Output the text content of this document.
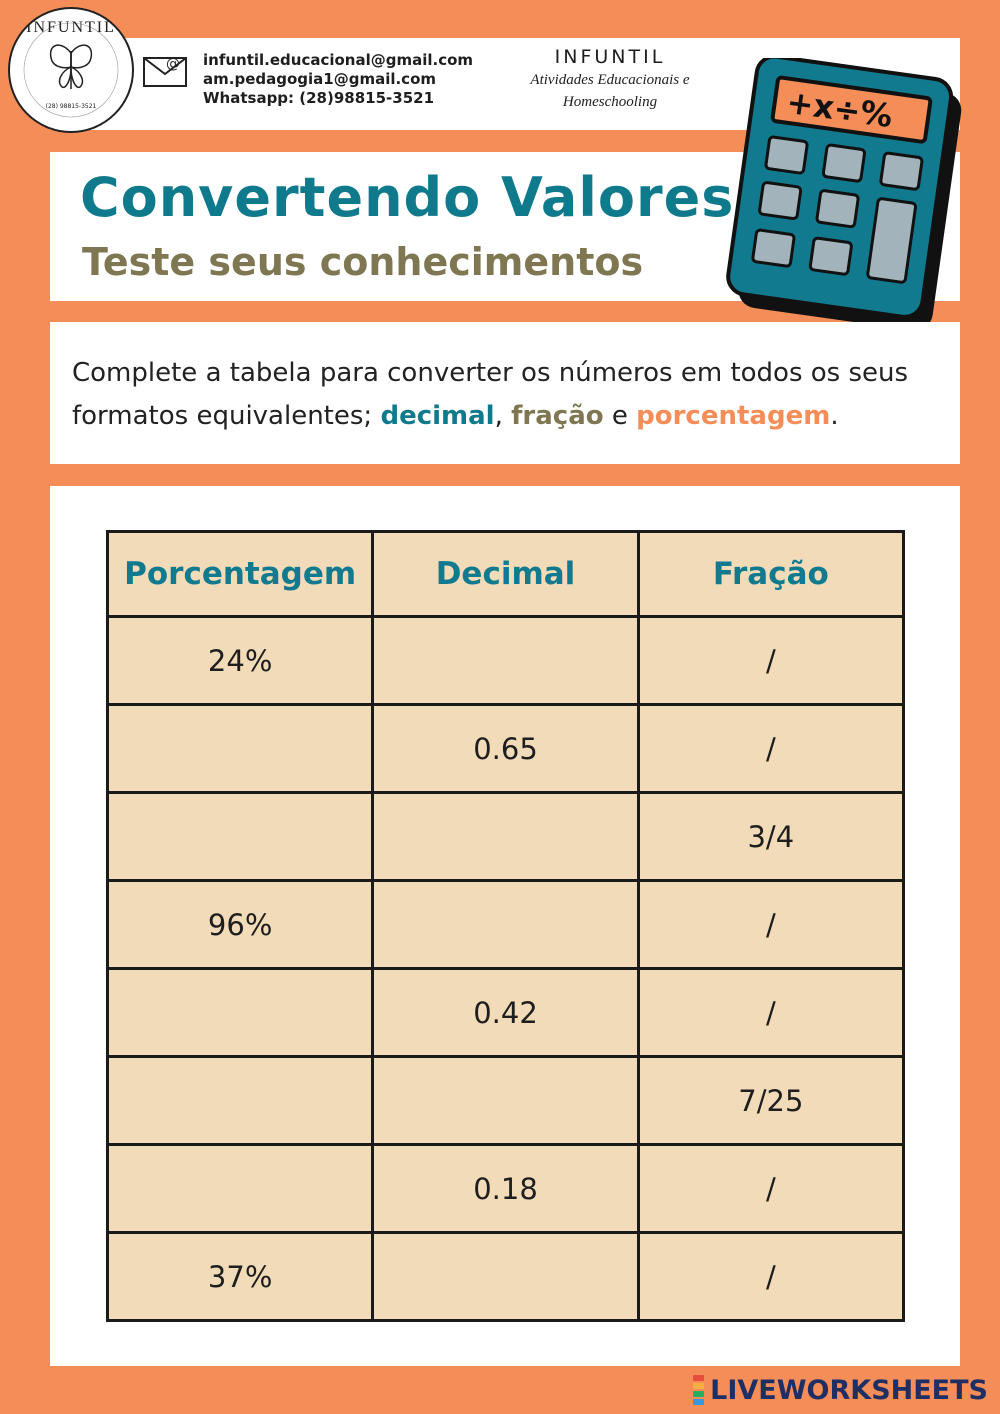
INFUNTIL
(28) 98815-3521
@ infuntil.educacional@gmail.com
am.pedagogia1@gmail.com
Whatsapp: (28)98815-3521
INFUNTIL
Atividades Educacionais e
Homeschooling
Convertendo Valores
Teste seus conhecimentos
+x÷%

Complete a tabela para converter os números em todos os seus formatos equivalentes; decimal, fração e porcentagem.

Porcentagem	Decimal	Fração
24%		/
	0.65	/
		3/4
96%		/
	0.42	/
		7/25
	0.18	/
37%		/
LIVEWORKSHEETS
